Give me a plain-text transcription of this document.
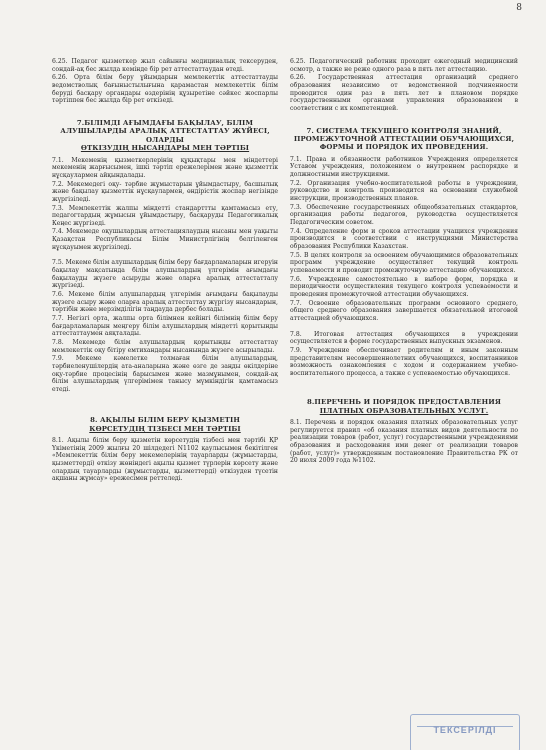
8

6.25. Педагог қызметкер жыл сайынғы медициналық тексеруден, сондай-ақ бес жылда кемінде бір рет аттестаттаудан өтеді.

6.26. Орта білім беру ұйымдарын мемлекеттік аттестаттауды ведомстволық бағыныстылығына қарамастан мемлекеттік білім беруді басқару органдары өздерінің құзыретіне сәйкес жоспарлы тәртіппен бес жылда бір рет өткізеді.

7.БІЛІМДІ АҒЫМДАҒЫ БАҚЫЛАУ, БІЛІМ АЛУШЫЛАРДЫ АРАЛЫҚ АТТЕСТАТТАУ ЖҮЙЕСІ, ОЛАРДЫ
ӨТКІЗУДІҢ НЫСАНДАРЫ МЕН ТӘРТІБІ

7.1. Мекеменің қызметкерлерінің құқықтары мен міндеттері мекеменің жарғысымен, ішкі тәртіп ережелерімен және қызметтік нұсқаулармен айқындалады.

7.2. Мекемедегі оқу- тәрбие жұмыстарын ұйымдастыру, басшылық және бақылау қызметтік нұсқаулармен, өндірістік жоспар негізінде жүргізіледі.

7.3. Мемлекеттік жалпы міндетті стандарттты қамтамасыз ету, педагогтардың жұмысын ұйымдастыру, басқаруды Педагогикалық Кеңес жүргізеді.

7.4. Мекемеде оқушылардың аттестациялаудың нысаны мен уақыты Қазақстан Республикасы Білім Министрлігінің белгіленген нұсқауымен жүргізіледі.

7.5. Мекеме білім алушылардың білім беру бағдарламаларын игеруін бақылау мақсатында білім алушылардың үлгерімін ағымдағы бақылауды жүзеге асыруды және оларға аралық аттестатталу жүргізеді.

7.6. Мекеме білім алушылардың үлгерімін ағымдағы бақылауды жүзеге асыру және оларға аралық аттестаттау жүргізу нысандарын, тәртібін және мерзімділігін таңдауда дербес болады.

7.7. Негізгі орта, жалпы орта білімнен кейінгі білімнің білім беру бағдарламаларын меңгеру білім алушылардың міндетті қорытынды аттестаттаумен аяқталады.

7.8. Мекемеде білім алушылардың қорытынды аттестаттау мемлекеттік оқу бітіру емтихандары нысанында жүзеге асырылады.

7.9. Мекеме кәмелетке толмаған білім алушылардың, тәрбиеленушілердің ата-аналарына және өзге де заңды өкілдеріне оқу-тәрбие процесінің барысымен және мазмұнымен, сондай-ақ білім алушылардың үлгерімімен танысу мүмкіндігін қамтамасыз етеді.

8. АҚЫЛЫ БІЛІМ БЕРУ ҚЫЗМЕТІН
КӨРСЕТУДІҢ ТІЗБЕСІ МЕН ТӘРТІБІ

8.1. Ақылы білім беру қызметін көрсетудің тізбесі мен тәртібі ҚР Үкіметінің 2009 жылғы 20 шілдедегі N1102 қаулысымен бекітілген «Мемлекеттік білім беру мекемелерінің тауарларды (жұмыстарды, қызметтерді) өткізу жөніндегі ақылы қызмет түрлерін көрсету және олардың тауарларды (жұмыстарды, қызметтерді) өткізуден түсетін ақшаны жұмсау» ережесімен реттеледі.

6.25. Педагогический работник проходит ежегодный медицинский осмотр, а также не реже одного раза в пять лет аттестацию.

6.26. Государственная аттестация организаций среднего образования независимо от ведомственной подчиненности проводится один раз в пять лет в плановом порядке государственными органами управления образованием в соответствии с их компетенцией.

7. СИСТЕМА ТЕКУЩЕГО КОНТРОЛЯ ЗНАНИЙ, ПРОМЕЖУТОЧНОЙ АТТЕСТАЦИИ ОБУЧАЮЩИХСЯ, ФОРМЫ И ПОРЯДОК ИХ ПРОВЕДЕНИЯ.

7.1. Права и обязанности работников Учреждения определяется Уставом учреждения, положением о внутреннем распорядке и должностными инструкциями.

7.2. Организация учебно-воспитательной работы в учреждении, руководство и контроль производится на основании служебной инструкции, производственных планов.

7.3. Обеспечение государственных общеобязательных стандартов, организация работы педагогов, руководства осуществляется Педагогическим советом.

7.4. Определение форм и сроков аттестации учащихся учреждения производится в соответствии с инструкциями Министерства образования Республики Казахстан.

7.5. В целях контроля за освоением обучающимися образовательных программ учреждение осуществляет текущий контроль успеваемости и проводит промежуточную аттестацию обучающихся.

7.6. Учреждение самостоятельно в выборе форм, порядка и периодичности осуществления текущего контроля успеваемости и проведения промежуточной аттестации обучающихся.

7.7. Освоение образовательных программ основного среднего, общего среднего образования завершается обязательной итоговой аттестацией обучающихся.

7.8. Итоговая аттестация обучающихся в учреждении осуществляется в форме государственных выпускных экзаменов.

7.9. Учреждение обеспечивает родителям и иным законным представителям несовершеннолетних обучающихся, воспитанников возможность ознакомления с ходом и содержанием учебно-воспитательного процесса, а также с успеваемостью обучающихся.

8.ПЕРЕЧЕНЬ И ПОРЯДОК ПРЕДОСТАВЛЕНИЯ
ПЛАТНЫХ ОБРАЗОВАТЕЛЬНЫХ УСЛУГ.

8.1. Перечень и порядок оказания платных образовательных услуг регулируется правил «об оказания платных видов деятельности по реализации товаров (работ, услуг) государственными учреждениями образования и расходования ими денег от реализации товаров (работ, услуг)» утвержденным постановление Правительства РК от 20 июля 2009 года №1102.

ТЕКСЕРІЛДІ
